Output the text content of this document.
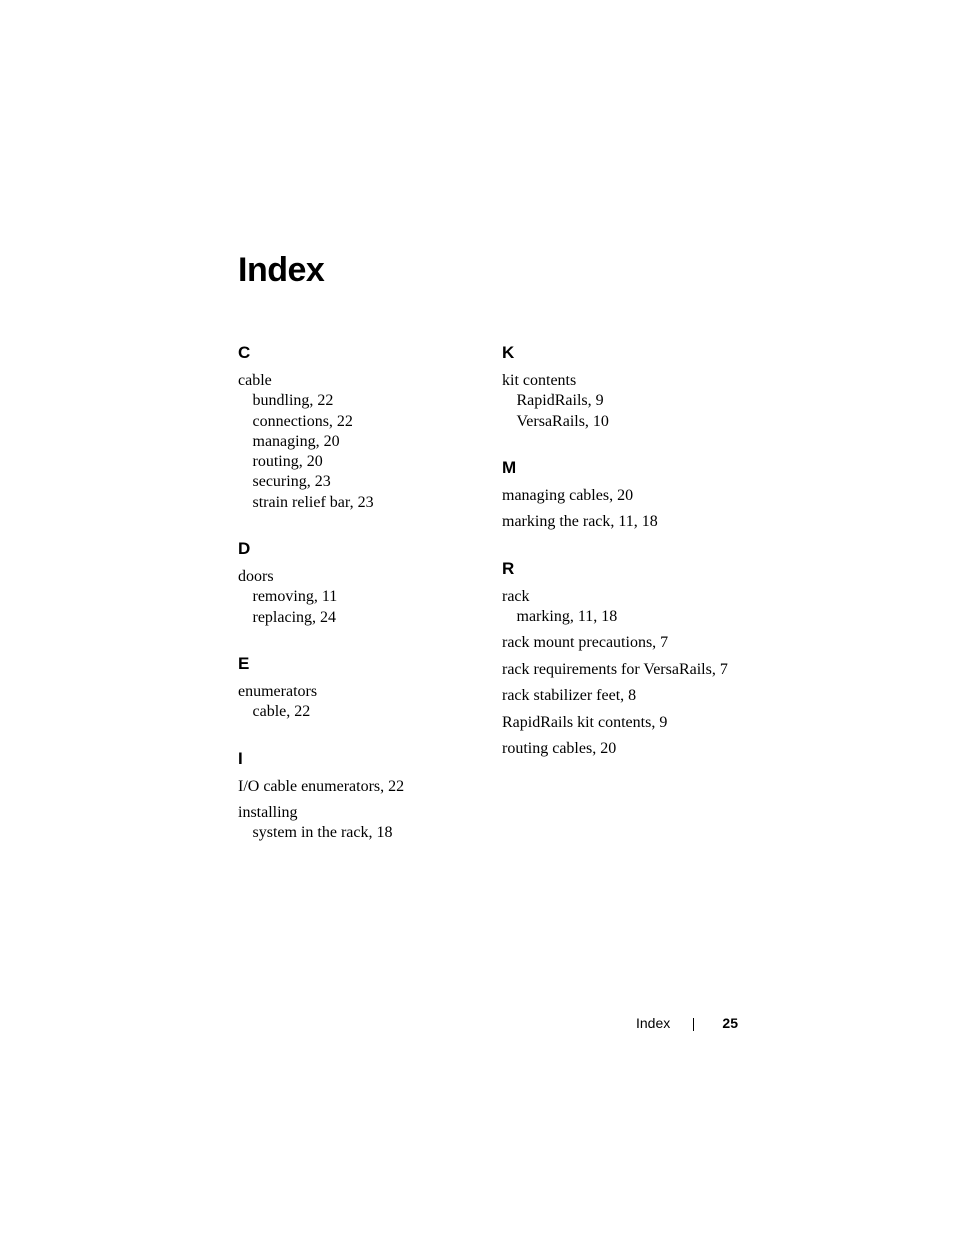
Index
C
cable
bundling, 22
connections, 22
managing, 20
routing, 20
securing, 23
strain relief bar, 23
D
doors
removing, 11
replacing, 24
E
enumerators
cable, 22
I
I/O cable enumerators, 22
installing
system in the rack, 18
K
kit contents
RapidRails, 9
VersaRails, 10
M
managing cables, 20
marking the rack, 11, 18
R
rack
marking, 11, 18
rack mount precautions, 7
rack requirements for VersaRails, 7
rack stabilizer feet, 8
RapidRails kit contents, 9
routing cables, 20
Index	25
